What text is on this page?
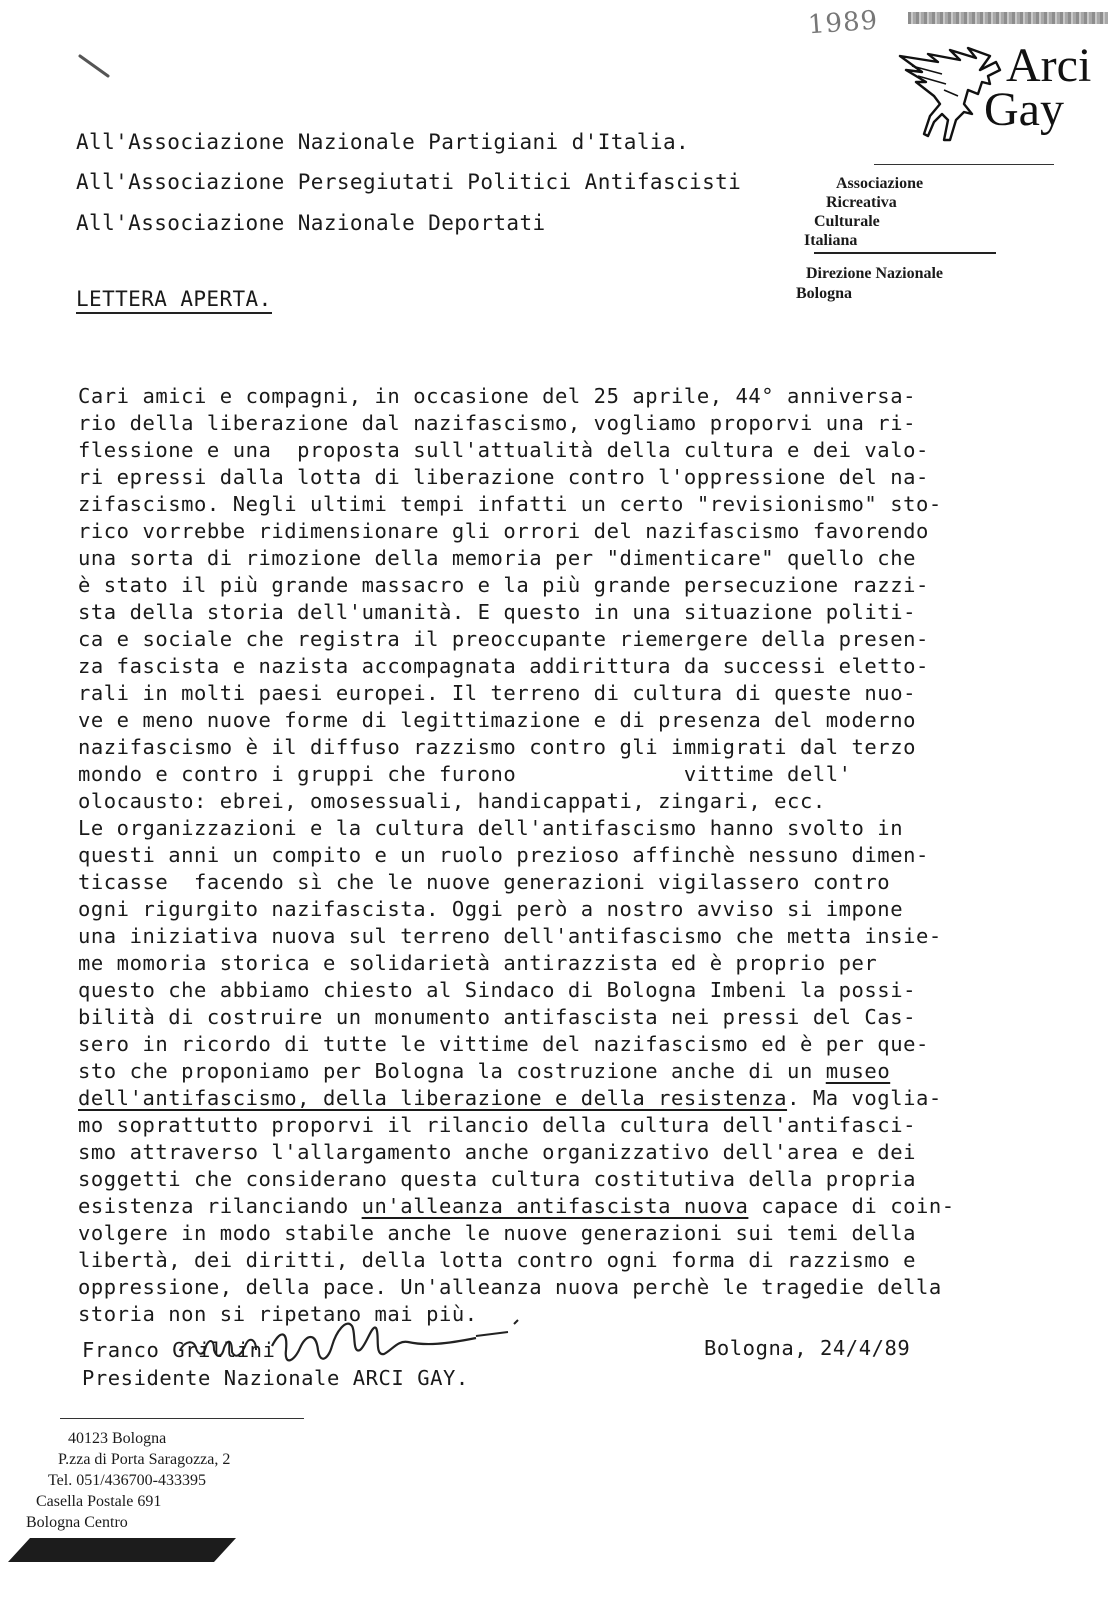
1989
Arci
Gay
Associazione
Ricreativa
Culturale
Italiana
Direzione Nazionale
Bologna
All'Associazione Nazionale Partigiani d'Italia.
All'Associazione Persegiutati Politici Antifascisti
All'Associazione Nazionale Deportati
LETTERA APERTA.
Cari amici e compagni, in occasione del 25 aprile, 44° anniversa-
rio della liberazione dal nazifascismo, vogliamo proporvi una ri-
flessione e una  proposta sull'attualità della cultura e dei valo-
ri epressi dalla lotta di liberazione contro l'oppressione del na-
zifascismo. Negli ultimi tempi infatti un certo "revisionismo" sto-
rico vorrebbe ridimensionare gli orrori del nazifascismo favorendo
una sorta di rimozione della memoria per "dimenticare" quello che
è stato il più grande massacro e la più grande persecuzione razzi-
sta della storia dell'umanità. E questo in una situazione politi-
ca e sociale che registra il preoccupante riemergere della presen-
za fascista e nazista accompagnata addirittura da successi eletto-
rali in molti paesi europei. Il terreno di cultura di queste nuo-
ve e meno nuove forme di legittimazione e di presenza del moderno
nazifascismo è il diffuso razzismo contro gli immigrati dal terzo
mondo e contro i gruppi che furono             vittime dell'
olocausto: ebrei, omosessuali, handicappati, zingari, ecc.
Le organizzazioni e la cultura dell'antifascismo hanno svolto in
questi anni un compito e un ruolo prezioso affinchè nessuno dimen-
ticasse  facendo sì che le nuove generazioni vigilassero contro
ogni rigurgito nazifascista. Oggi però a nostro avviso si impone
una iniziativa nuova sul terreno dell'antifascismo che metta insie-
me momoria storica e solidarietà antirazzista ed è proprio per
questo che abbiamo chiesto al Sindaco di Bologna Imbeni la possi-
bilità di costruire un monumento antifascista nei pressi del Cas-
sero in ricordo di tutte le vittime del nazifascismo ed è per que-
sto che proponiamo per Bologna la costruzione anche di un museo
dell'antifascismo, della liberazione e della resistenza. Ma voglia-
mo soprattutto proporvi il rilancio della cultura dell'antifasci-
smo attraverso l'allargamento anche organizzativo dell'area e dei
soggetti che considerano questa cultura costitutiva della propria
esistenza rilanciando un'alleanza antifascista nuova capace di coin-
volgere in modo stabile anche le nuove generazioni sui temi della
libertà, dei diritti, della lotta contro ogni forma di razzismo e
oppressione, della pace. Un'alleanza nuova perchè le tragedie della
storia non si ripetano mai più.
Franco Grillini
Presidente Nazionale ARCI GAY.
Bologna, 24/4/89
40123 Bologna
P.zza di Porta Saragozza, 2
Tel. 051/436700-433395
Casella Postale 691
Bologna Centro
